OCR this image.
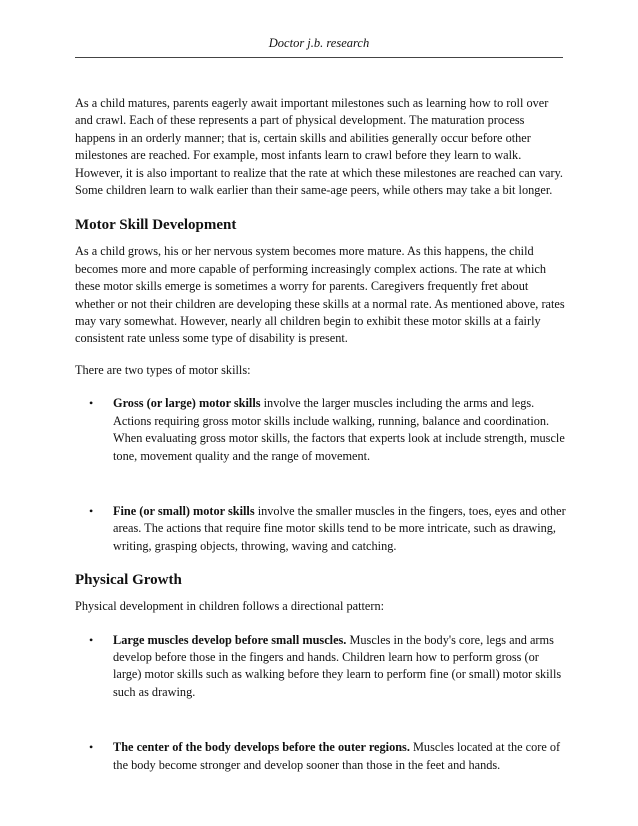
Doctor j.b. research

As a child matures, parents eagerly await important milestones such as learning how to roll over and crawl. Each of these represents a part of physical development. The maturation process happens in an orderly manner; that is, certain skills and abilities generally occur before other milestones are reached. For example, most infants learn to crawl before they learn to walk. However, it is also important to realize that the rate at which these milestones are reached can vary. Some children learn to walk earlier than their same-age peers, while others may take a bit longer.

Motor Skill Development

As a child grows, his or her nervous system becomes more mature. As this happens, the child becomes more and more capable of performing increasingly complex actions. The rate at which these motor skills emerge is sometimes a worry for parents. Caregivers frequently fret about whether or not their children are developing these skills at a normal rate. As mentioned above, rates may vary somewhat. However, nearly all children begin to exhibit these motor skills at a fairly consistent rate unless some type of disability is present.

There are two types of motor skills:

• Gross (or large) motor skills involve the larger muscles including the arms and legs. Actions requiring gross motor skills include walking, running, balance and coordination. When evaluating gross motor skills, the factors that experts look at include strength, muscle tone, movement quality and the range of movement.
• Fine (or small) motor skills involve the smaller muscles in the fingers, toes, eyes and other areas. The actions that require fine motor skills tend to be more intricate, such as drawing, writing, grasping objects, throwing, waving and catching.
Physical Growth

Physical development in children follows a directional pattern:

• Large muscles develop before small muscles. Muscles in the body's core, legs and arms develop before those in the fingers and hands. Children learn how to perform gross (or large) motor skills such as walking before they learn to perform fine (or small) motor skills such as drawing.
• The center of the body develops before the outer regions. Muscles located at the core of the body become stronger and develop sooner than those in the feet and hands.
